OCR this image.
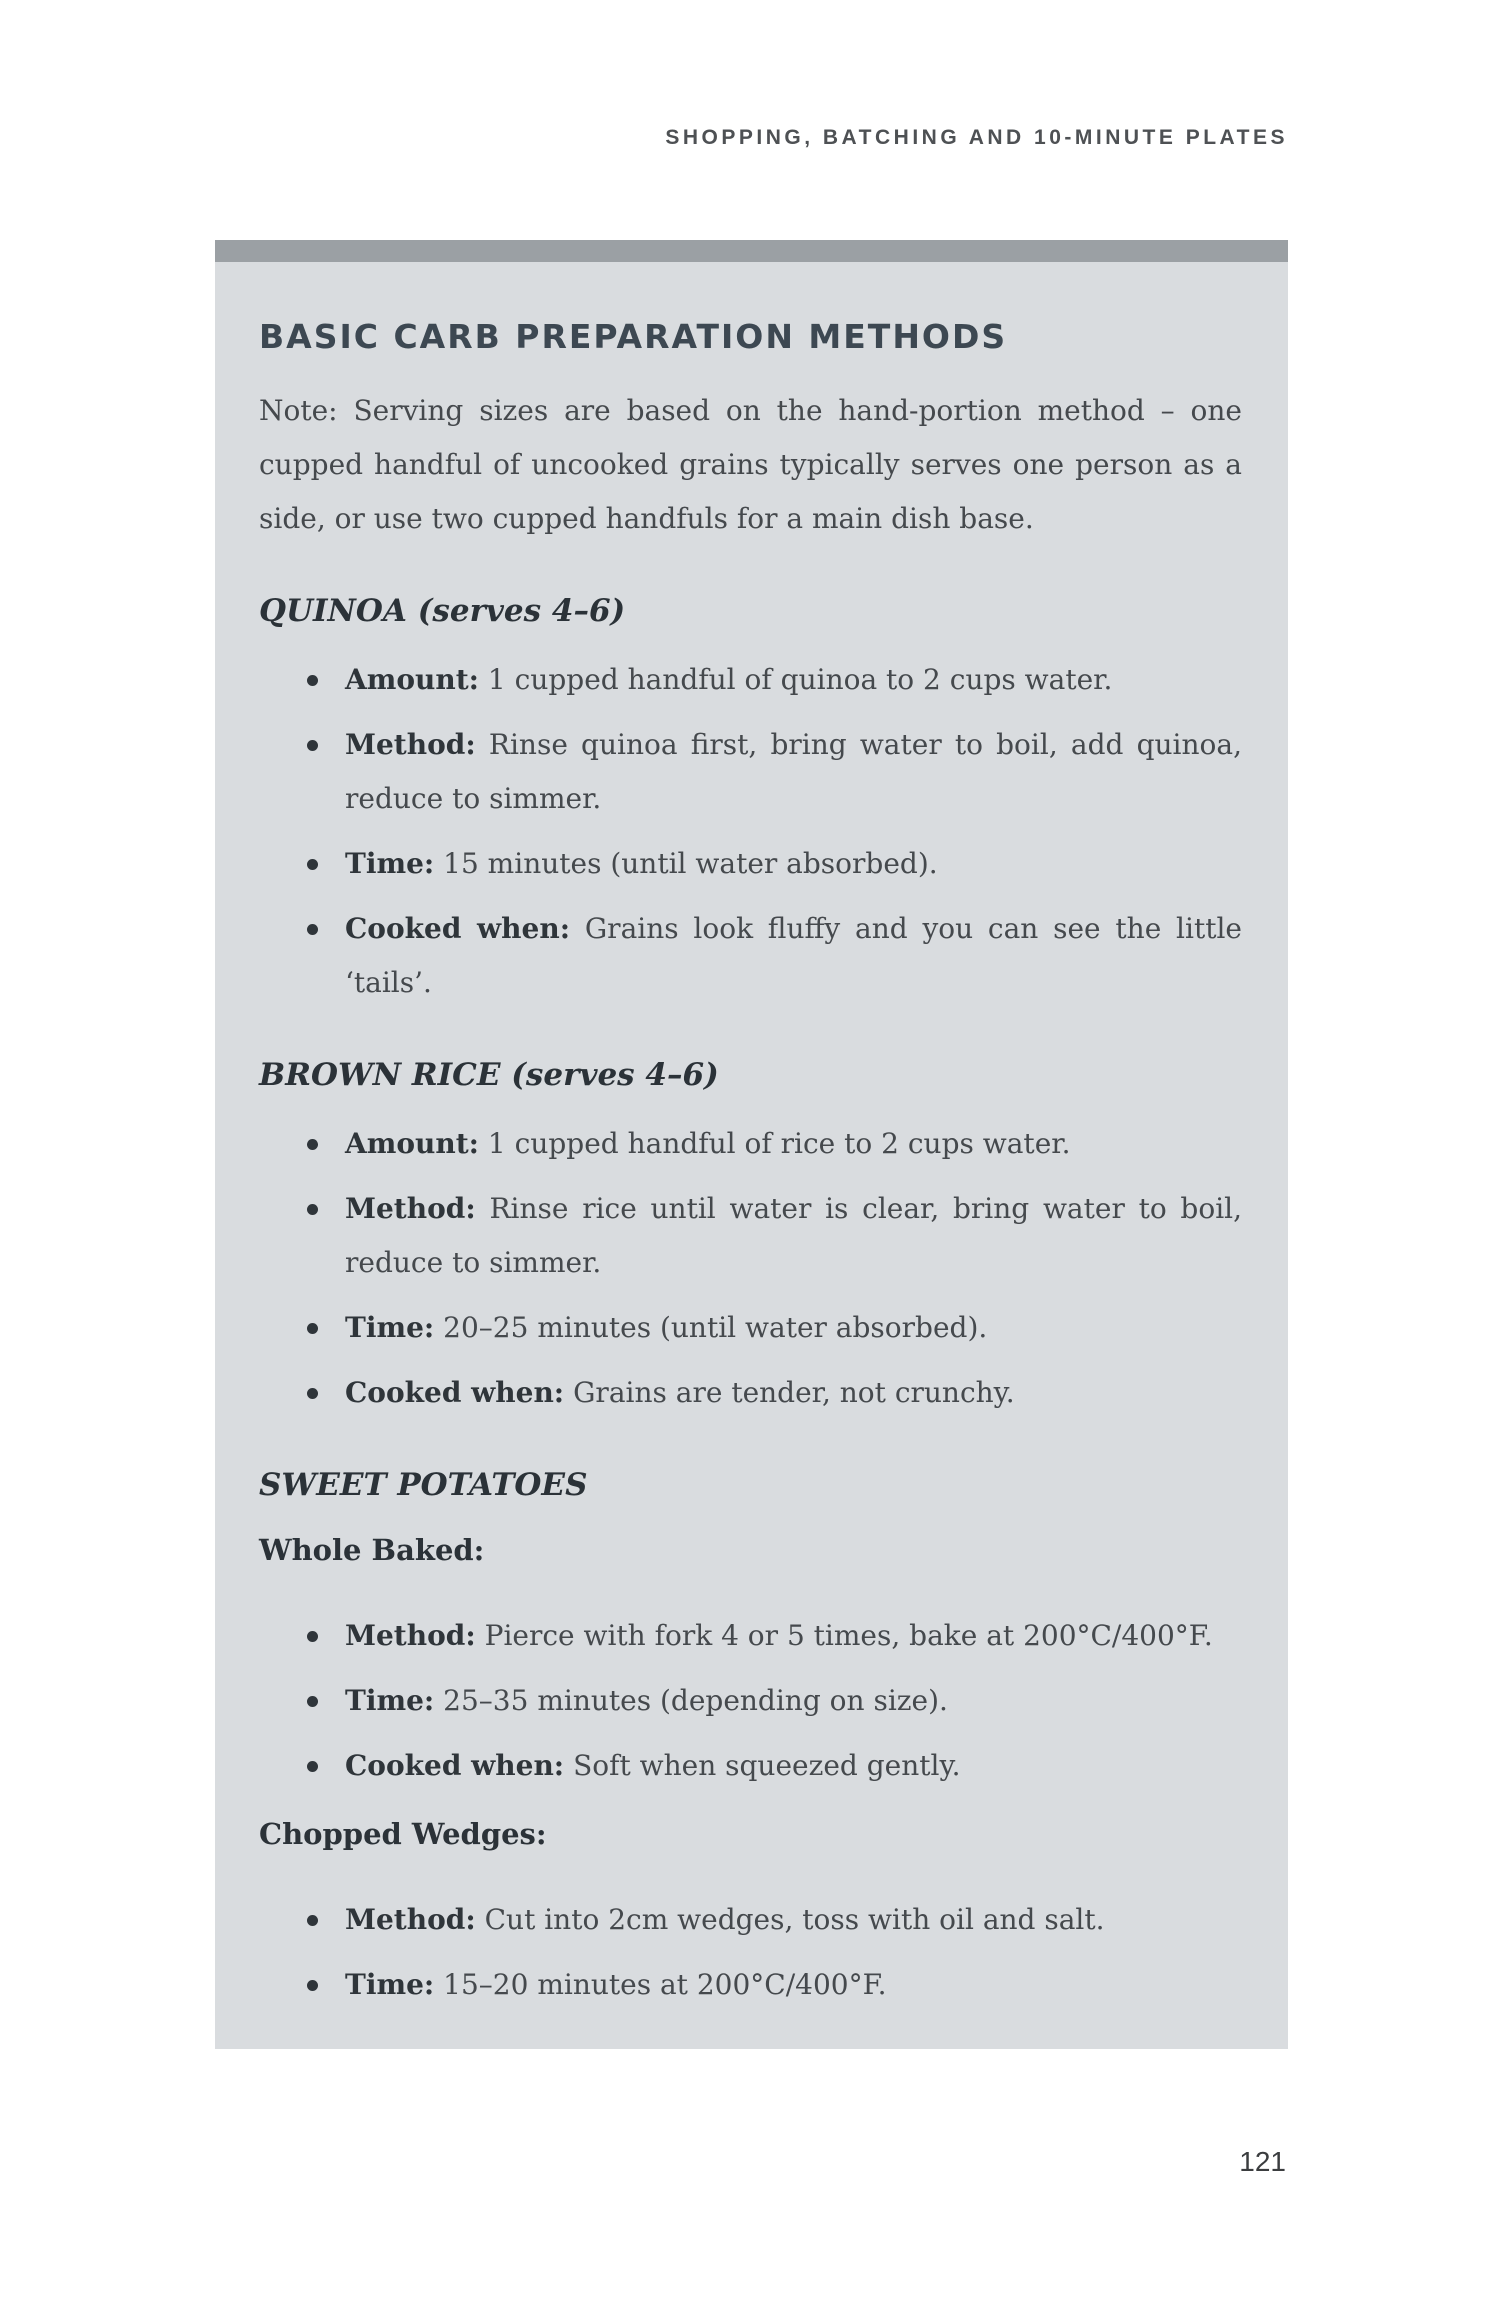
SHOPPING, BATCHING AND 10-MINUTE PLATES
BASIC CARB PREPARATION METHODS

Note: Serving sizes are based on the hand-portion method – one cupped handful of uncooked grains typically serves one person as a side, or use two cupped handfuls for a main dish base.

QUINOA (serves 4–6)

Amount: 1 cupped handful of quinoa to 2 cups water.

Method: Rinse quinoa first, bring water to boil, add quinoa, reduce to simmer.

Time: 15 minutes (until water absorbed).

Cooked when: Grains look fluffy and you can see the little ‘tails’.

BROWN RICE (serves 4–6)

Amount: 1 cupped handful of rice to 2 cups water.

Method: Rinse rice until water is clear, bring water to boil, reduce to simmer.

Time: 20–25 minutes (until water absorbed).

Cooked when: Grains are tender, not crunchy.

SWEET POTATOES
Whole Baked:

Method: Pierce with fork 4 or 5 times, bake at 200°C/400°F.

Time: 25–35 minutes (depending on size).

Cooked when: Soft when squeezed gently.

Chopped Wedges:

Method: Cut into 2cm wedges, toss with oil and salt.

Time: 15–20 minutes at 200°C/400°F.

121
